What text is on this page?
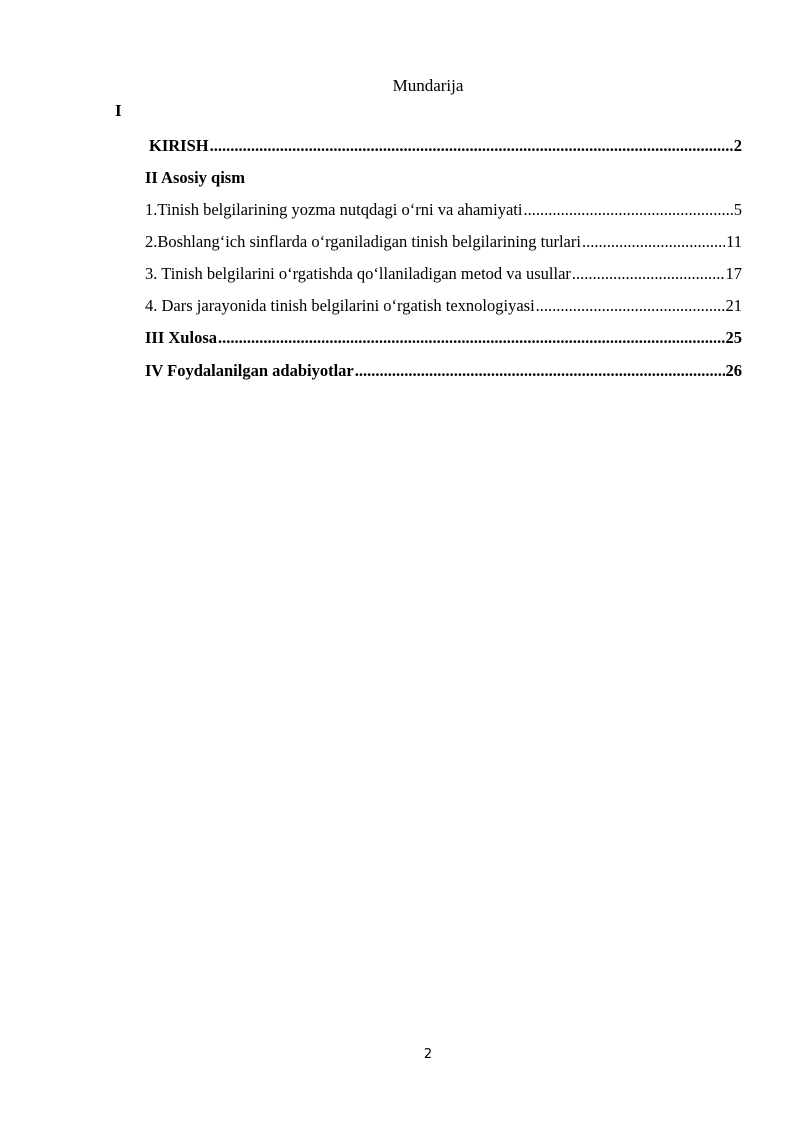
Mundarija
I
KIRISH .....	2
II Asosiy qism
1.Tinish belgilarining yozma nutqdagi o‘rni va ahamiyati .....	5
2.Boshlang‘ich sinflarda o‘rganiladigan tinish belgilarining turlari .....	11
3. Tinish belgilarini o‘rgatishda qo‘llaniladigan metod va usullar .....	17
4. Dars jarayonida tinish belgilarini o‘rgatish texnologiyasi .....	21
III Xulosa .....	25
IV Foydalanilgan adabiyotlar .....	26
2
